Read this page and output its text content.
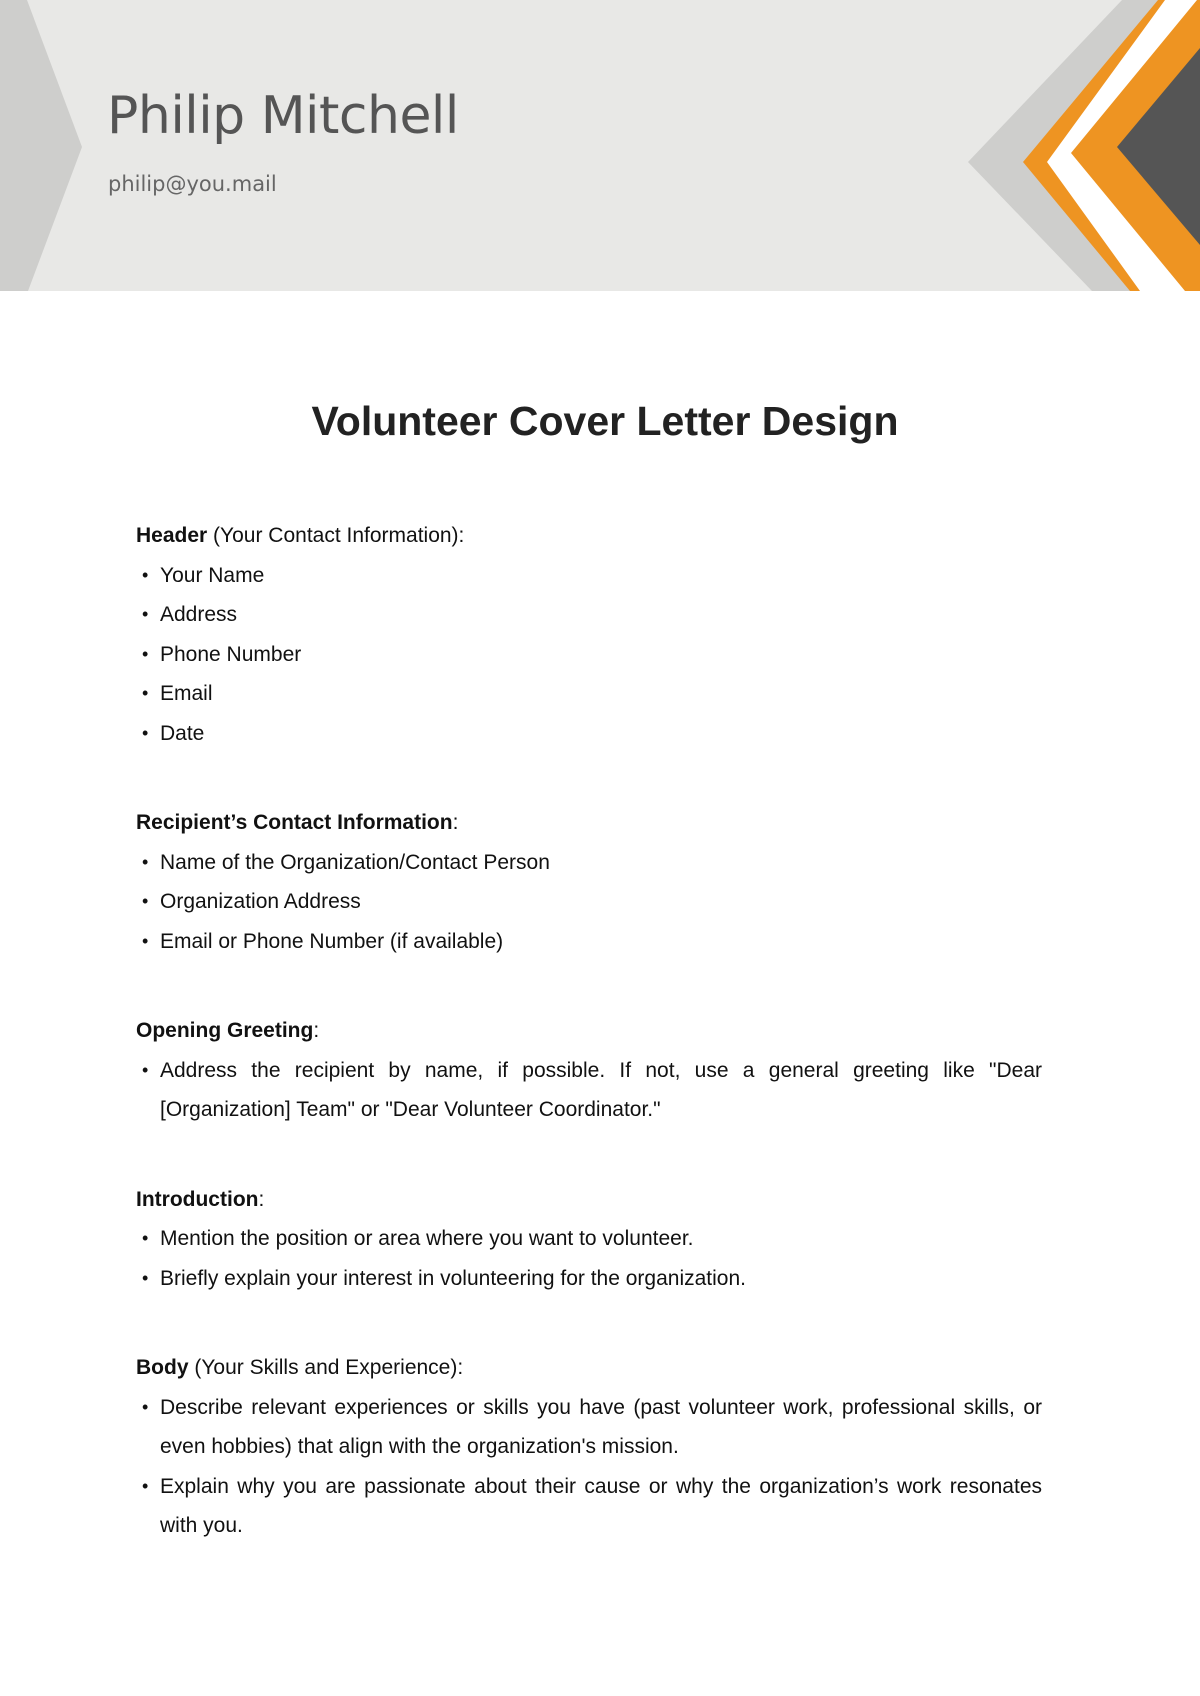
Philip Mitchell
philip@you.mail
Volunteer Cover Letter Design
Header (Your Contact Information):
• Your Name
• Address
• Phone Number
• Email
• Date
Recipient’s Contact Information:
• Name of the Organization/Contact Person
• Organization Address
• Email or Phone Number (if available)
Opening Greeting:
• Address the recipient by name, if possible. If not, use a general greeting like "Dear [Organization] Team" or "Dear Volunteer Coordinator."
Introduction:
• Mention the position or area where you want to volunteer.
• Briefly explain your interest in volunteering for the organization.
Body (Your Skills and Experience):
• Describe relevant experiences or skills you have (past volunteer work, professional skills, or even hobbies) that align with the organization's mission.
• Explain why you are passionate about their cause or why the organization’s work resonates with you.
